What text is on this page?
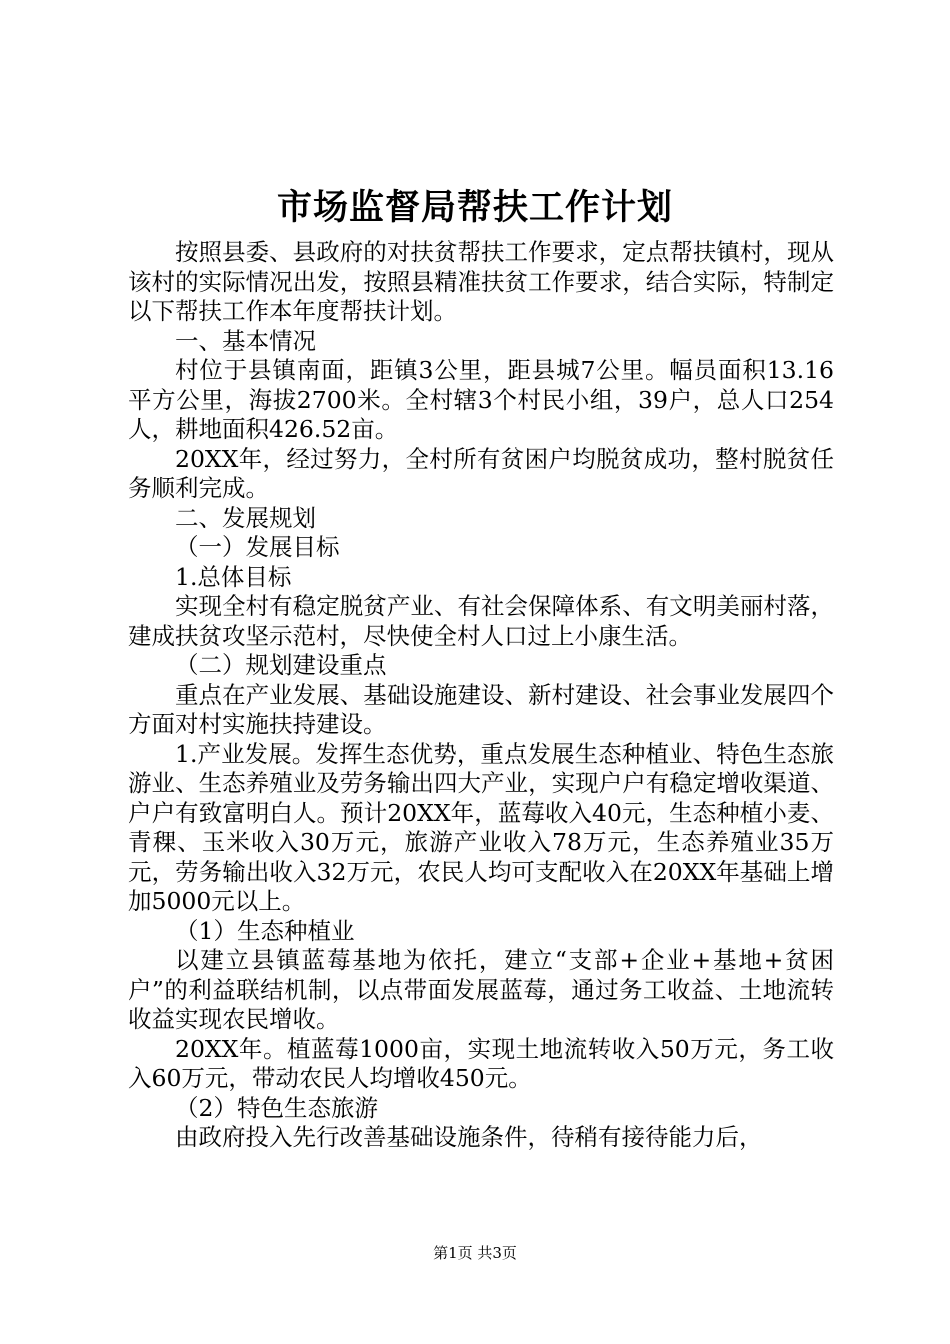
市场监督局帮扶工作计划

按照县委、县政府的对扶贫帮扶工作要求，定点帮扶镇村，现从该村的实际情况出发，按照县精准扶贫工作要求，结合实际，特制定以下帮扶工作本年度帮扶计划。

一、基本情况

村位于县镇南面，距镇3公里，距县城7公里。幅员面积13.16平方公里，海拔2700米。全村辖3个村民小组，39户，总人口254人，耕地面积426.52亩。

20XX年，经过努力，全村所有贫困户均脱贫成功，整村脱贫任务顺利完成。

二、发展规划

（一）发展目标

1.总体目标

实现全村有稳定脱贫产业、有社会保障体系、有文明美丽村落，建成扶贫攻坚示范村，尽快使全村人口过上小康生活。

（二）规划建设重点

重点在产业发展、基础设施建设、新村建设、社会事业发展四个方面对村实施扶持建设。

1.产业发展。发挥生态优势，重点发展生态种植业、特色生态旅游业、生态养殖业及劳务输出四大产业，实现户户有稳定增收渠道、户户有致富明白人。预计20XX年，蓝莓收入40元，生态种植小麦、青稞、玉米收入30万元，旅游产业收入78万元，生态养殖业35万元，劳务输出收入32万元，农民人均可支配收入在20XX年基础上增加5000元以上。

（1）生态种植业

以建立县镇蓝莓基地为依托，建立“支部+企业+基地+贫困户”的利益联结机制，以点带面发展蓝莓，通过务工收益、土地流转收益实现农民增收。

20XX年。植蓝莓1000亩，实现土地流转收入50万元，务工收入60万元，带动农民人均增收450元。

（2）特色生态旅游

由政府投入先行改善基础设施条件，待稍有接待能力后，

第1页 共3页
